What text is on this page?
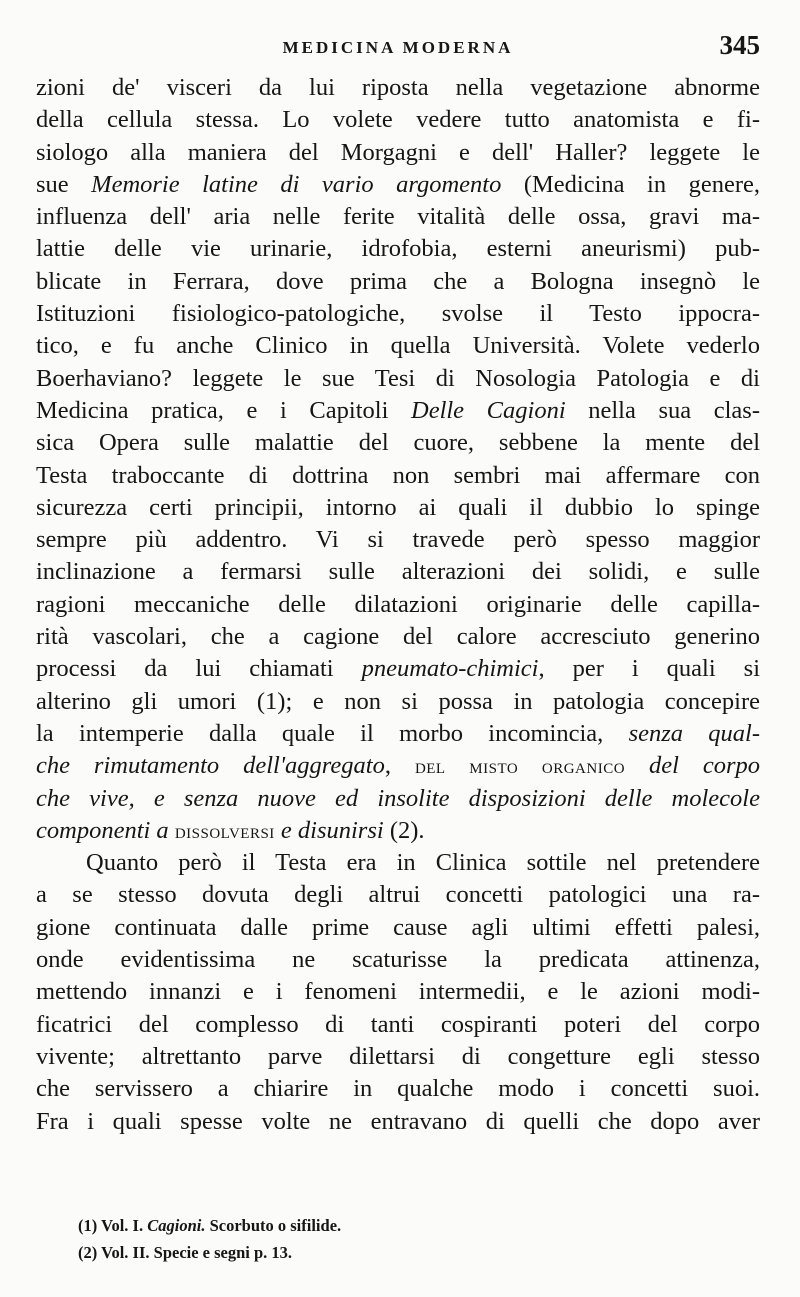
MEDICINA MODERNA	345
zioni de' visceri da lui riposta nella vegetazione abnorme
della cellula stessa. Lo volete vedere tutto anatomista e fi-
siologo alla maniera del Morgagni e dell' Haller? leggete le
sue Memorie latine di vario argomento (Medicina in genere,
influenza dell' aria nelle ferite vitalità delle ossa, gravi ma-
lattie delle vie urinarie, idrofobia, esterni aneurismi) pub-
blicate in Ferrara, dove prima che a Bologna insegnò le
Istituzioni fisiologico-patologiche, svolse il Testo ippocra-
tico, e fu anche Clinico in quella Università. Volete vederlo
Boerhaviano? leggete le sue Tesi di Nosologia Patologia e di
Medicina pratica, e i Capitoli Delle Cagioni nella sua clas-
sica Opera sulle malattie del cuore, sebbene la mente del
Testa traboccante di dottrina non sembri mai affermare con
sicurezza certi principii, intorno ai quali il dubbio lo spinge
sempre più addentro. Vi si travede però spesso maggior
inclinazione a fermarsi sulle alterazioni dei solidi, e sulle
ragioni meccaniche delle dilatazioni originarie delle capilla-
rità vascolari, che a cagione del calore accresciuto generino
processi da lui chiamati pneumato-chimici, per i quali si
alterino gli umori (1); e non si possa in patologia concepire
la intemperie dalla quale il morbo incomincia, senza qual-
che rimutamento dell'aggregato, del misto organico del corpo
che vive, e senza nuove ed insolite disposizioni delle molecole
componenti a dissolversi e disunirsi (2).
Quanto però il Testa era in Clinica sottile nel pretendere
a se stesso dovuta degli altrui concetti patologici una ra-
gione continuata dalle prime cause agli ultimi effetti palesi,
onde evidentissima ne scaturisse la predicata attinenza,
mettendo innanzi e i fenomeni intermedii, e le azioni modi-
ficatrici del complesso di tanti cospiranti poteri del corpo
vivente; altrettanto parve dilettarsi di congetture egli stesso
che servissero a chiarire in qualche modo i concetti suoi.
Fra i quali spesse volte ne entravano di quelli che dopo aver
(1) Vol. I. Cagioni. Scorbuto o sifilide.
(2) Vol. II. Specie e segni p. 13.
